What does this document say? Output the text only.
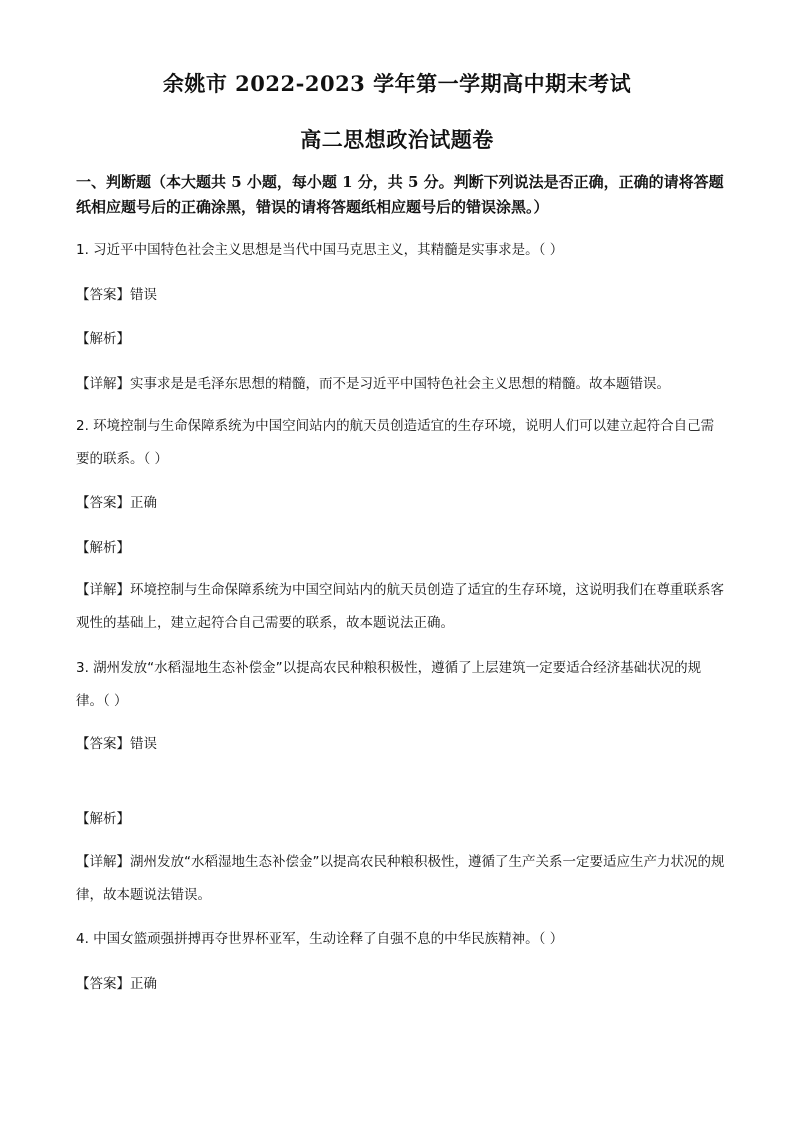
余姚市 2022-2023 学年第一学期高中期末考试
高二思想政治试题卷
一、判断题（本大题共 5 小题，每小题 1 分，共 5 分。判断下列说法是否正确，正确的请将答题纸相应题号后的正确涂黑，错误的请将答题纸相应题号后的错误涂黑。）
1. 习近平中国特色社会主义思想是当代中国马克思主义，其精髓是实事求是。（ ）
【答案】错误
【解析】
【详解】实事求是是毛泽东思想的精髓，而不是习近平中国特色社会主义思想的精髓。故本题错误。
2. 环境控制与生命保障系统为中国空间站内的航天员创造适宜的生存环境，说明人们可以建立起符合自己需要的联系。（ ）
【答案】正确
【解析】
【详解】环境控制与生命保障系统为中国空间站内的航天员创造了适宜的生存环境，这说明我们在尊重联系客观性的基础上，建立起符合自己需要的联系，故本题说法正确。
3. 湖州发放“水稻湿地生态补偿金”以提高农民种粮积极性，遵循了上层建筑一定要适合经济基础状况的规律。（ ）
【答案】错误
【解析】
【详解】湖州发放“水稻湿地生态补偿金”以提高农民种粮积极性，遵循了生产关系一定要适应生产力状况的规律，故本题说法错误。
4. 中国女篮顽强拼搏再夺世界杯亚军，生动诠释了自强不息的中华民族精神。（ ）
【答案】正确
